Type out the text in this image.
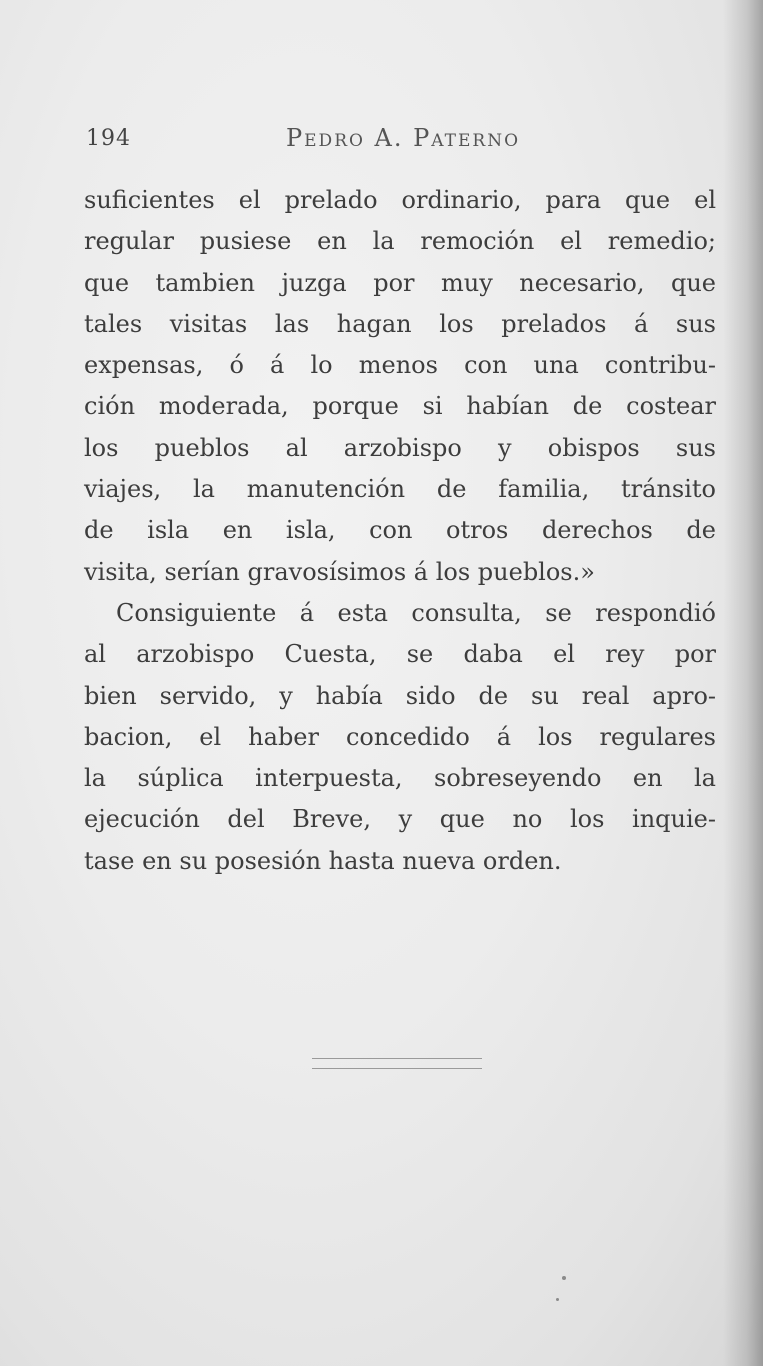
194	Pedro A. Paterno
suficientes el prelado ordinario, para que el
regular pusiese en la remoción el remedio;
que tambien juzga por muy necesario, que
tales visitas las hagan los prelados á sus
expensas, ó á lo menos con una contribu-
ción moderada, porque si habían de costear
los pueblos al arzobispo y obispos sus
viajes, la manutención de familia, tránsito
de isla en isla, con otros derechos de
visita, serían gravosísimos á los pueblos.»
Consiguiente á esta consulta, se respondió
al arzobispo Cuesta, se daba el rey por
bien servido, y había sido de su real apro-
bacion, el haber concedido á los regulares
la súplica interpuesta, sobreseyendo en la
ejecución del Breve, y que no los inquie-
tase en su posesión hasta nueva orden.
